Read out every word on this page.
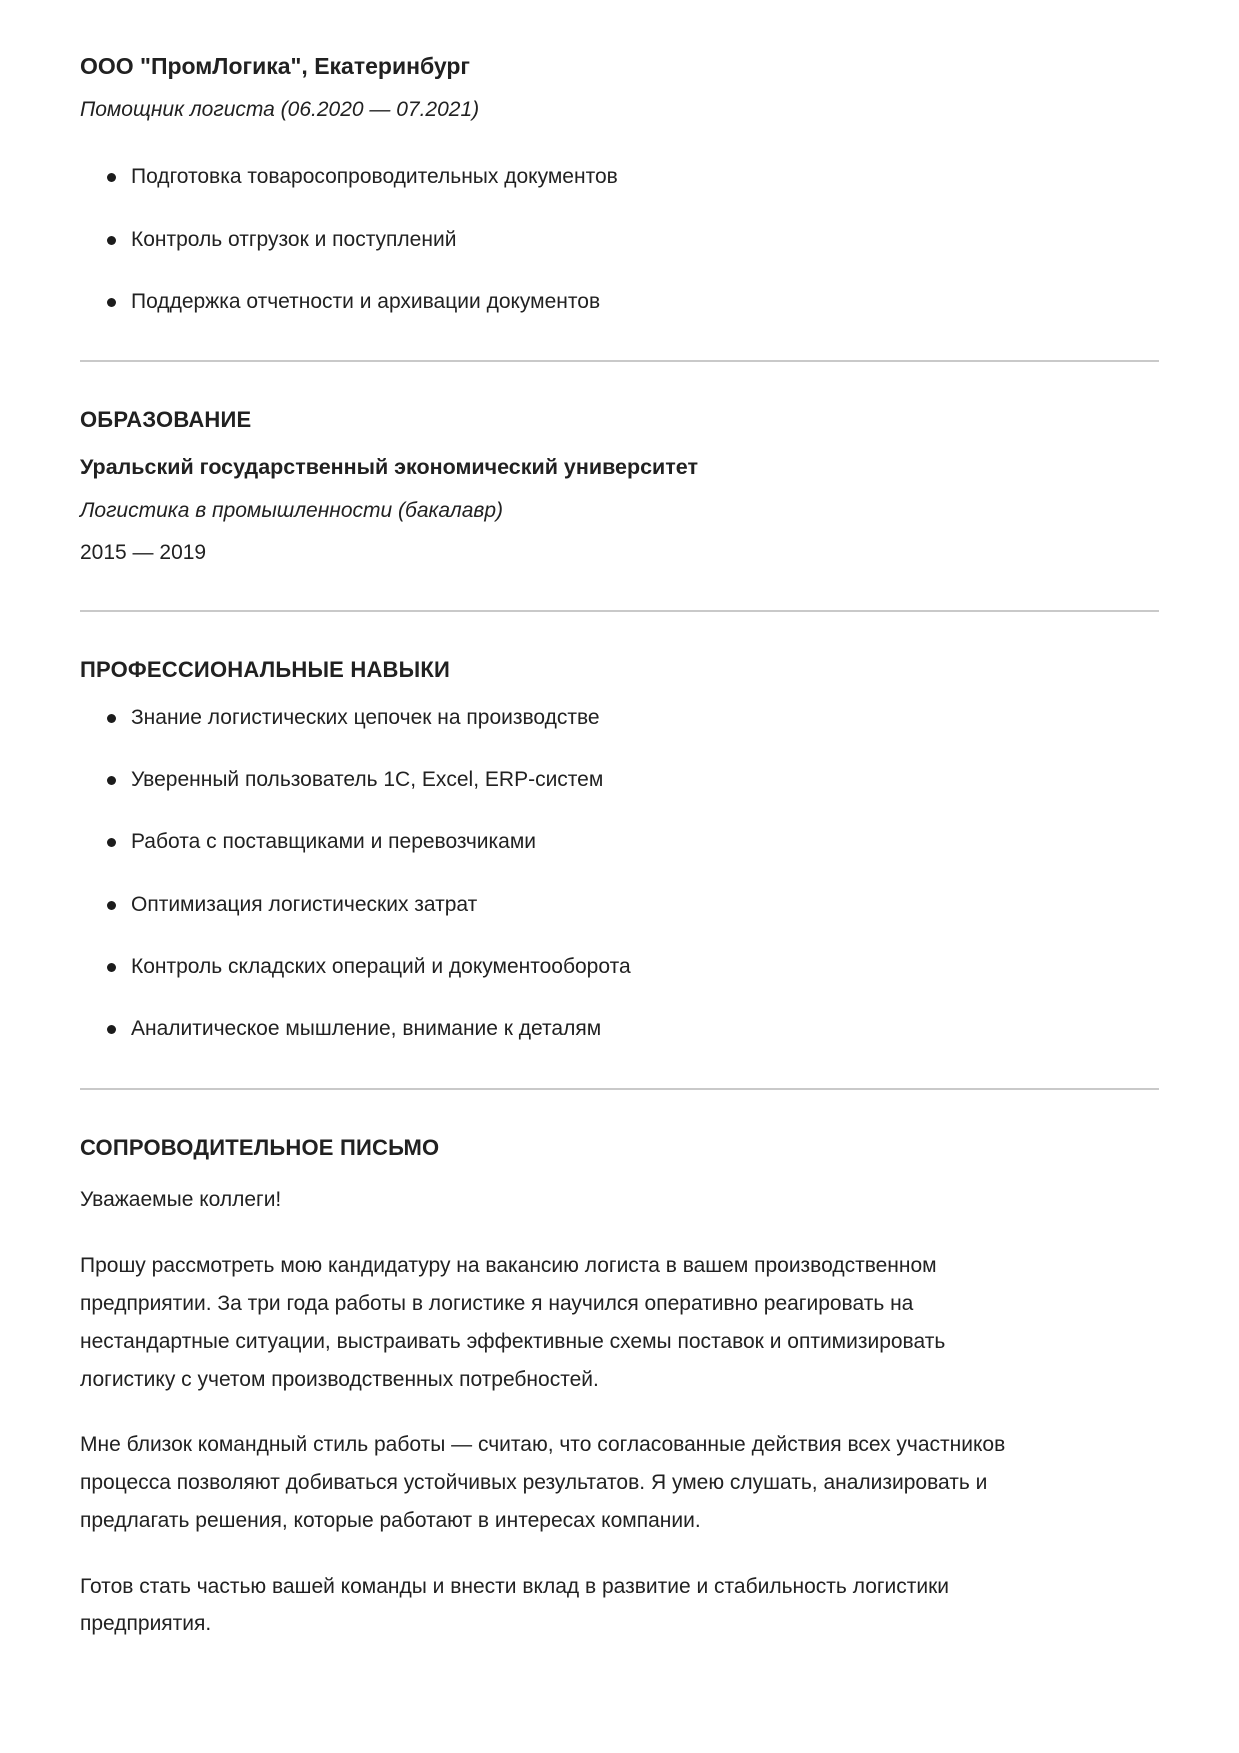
ООО "ПромЛогика", Екатеринбург

Помощник логиста (06.2020 — 07.2021)

Подготовка товаросопроводительных документов
Контроль отгрузок и поступлений
Поддержка отчетности и архивации документов
ОБРАЗОВАНИЕ

Уральский государственный экономический университет

Логистика в промышленности (бакалавр)

2015 — 2019

ПРОФЕССИОНАЛЬНЫЕ НАВЫКИ
Знание логистических цепочек на производстве
Уверенный пользователь 1С, Excel, ERP-систем
Работа с поставщиками и перевозчиками
Оптимизация логистических затрат
Контроль складских операций и документооборота
Аналитическое мышление, внимание к деталям
СОПРОВОДИТЕЛЬНОЕ ПИСЬМО

Уважаемые коллеги!

Прошу рассмотреть мою кандидатуру на вакансию логиста в вашем производственном предприятии. За три года работы в логистике я научился оперативно реагировать на нестандартные ситуации, выстраивать эффективные схемы поставок и оптимизировать логистику с учетом производственных потребностей.

Мне близок командный стиль работы — считаю, что согласованные действия всех участников процесса позволяют добиваться устойчивых результатов. Я умею слушать, анализировать и предлагать решения, которые работают в интересах компании.

Готов стать частью вашей команды и внести вклад в развитие и стабильность логистики предприятия.
